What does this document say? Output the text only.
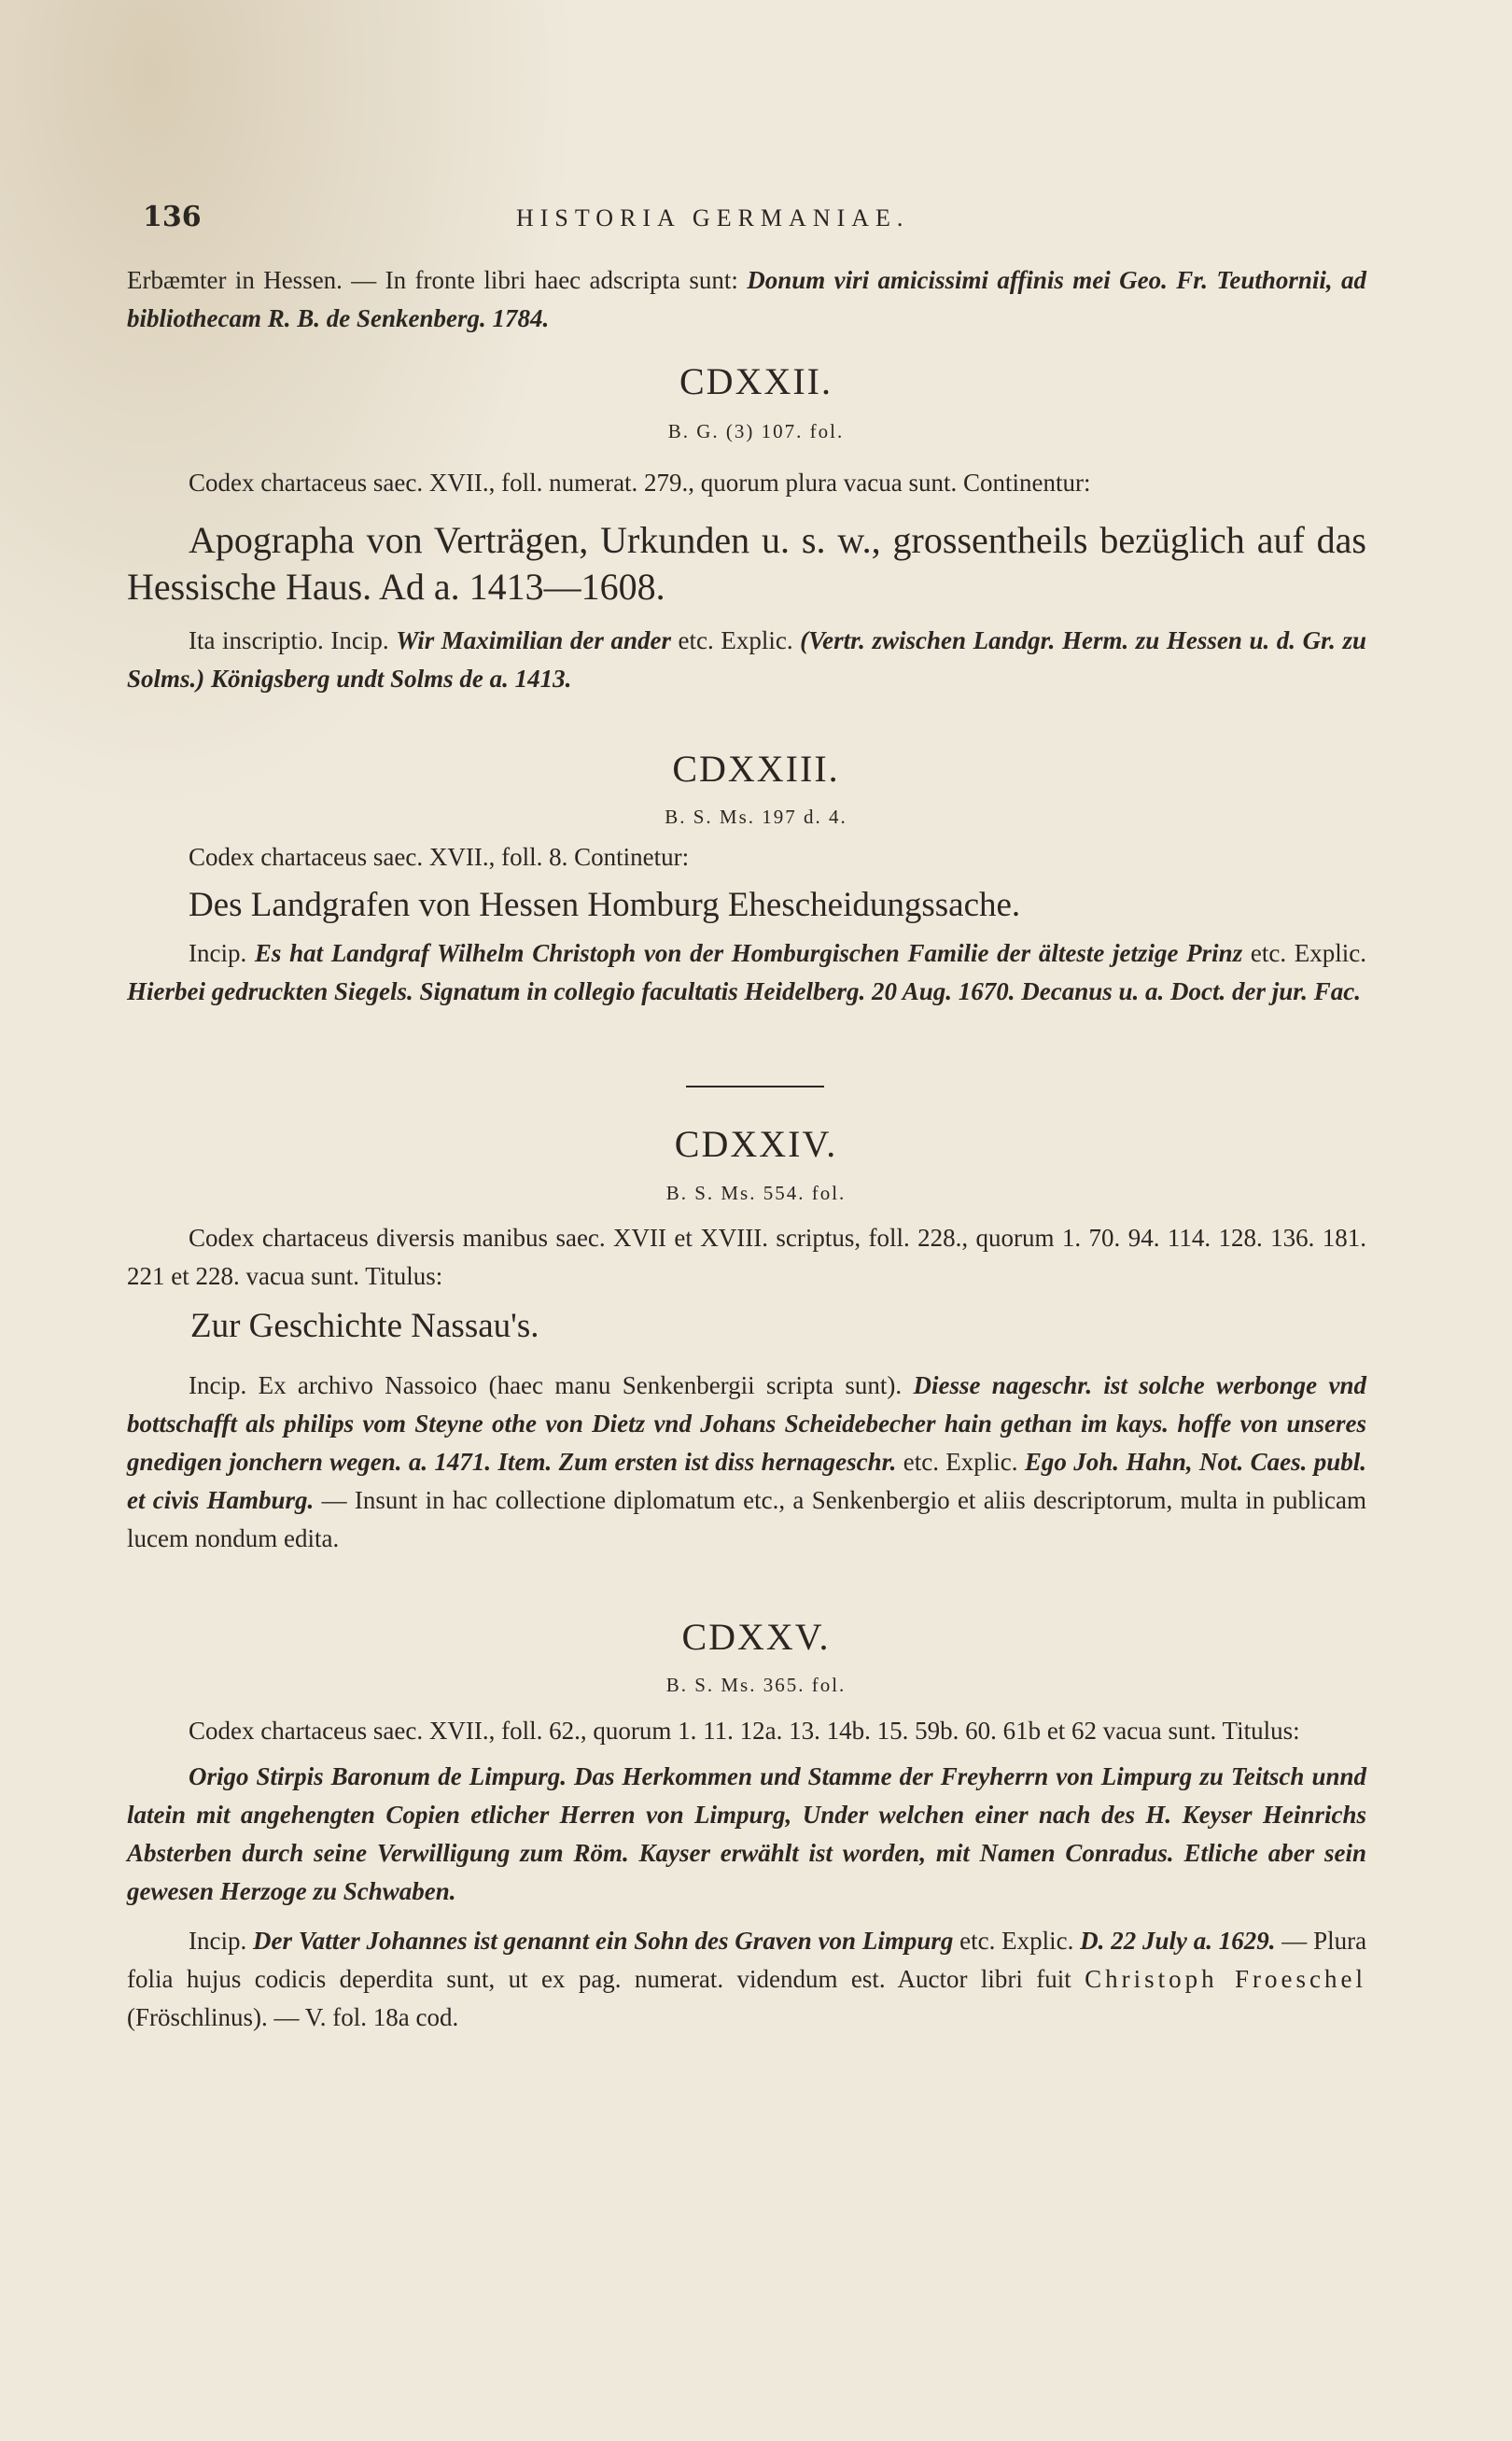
136	HISTORIA GERMANIAE.

Erbæmter in Hessen. — In fronte libri haec adscripta sunt: Donum viri amicissimi affinis mei Geo. Fr. Teuthornii, ad bibliothecam R. B. de Senkenberg. 1784.

CDXXII.
B. G. (3) 107. fol.

Codex chartaceus saec. XVII., foll. numerat. 279., quorum plura vacua sunt. Continentur:

Apographa von Verträgen, Urkunden u. s. w., grossentheils bezüglich auf das Hessische Haus. Ad a. 1413—1608.

Ita inscriptio. Incip. Wir Maximilian der ander etc. Explic. (Vertr. zwischen Landgr. Herm. zu Hessen u. d. Gr. zu Solms.) Königsberg undt Solms de a. 1413.

CDXXIII.
B. S. Ms. 197 d. 4.

Codex chartaceus saec. XVII., foll. 8. Continetur:

Des Landgrafen von Hessen Homburg Ehescheidungssache.

Incip. Es hat Landgraf Wilhelm Christoph von der Homburgischen Familie der älteste jetzige Prinz etc. Explic. Hierbei gedruckten Siegels. Signatum in collegio facultatis Heidelberg. 20 Aug. 1670. Decanus u. a. Doct. der jur. Fac.

CDXXIV.
B. S. Ms. 554. fol.

Codex chartaceus diversis manibus saec. XVII et XVIII. scriptus, foll. 228., quorum 1. 70. 94. 114. 128. 136. 181. 221 et 228. vacua sunt. Titulus:

Zur Geschichte Nassau's.

Incip. Ex archivo Nassoico (haec manu Senkenbergii scripta sunt). Diesse nageschr. ist solche werbonge vnd bottschafft als philips vom Steyne othe von Dietz vnd Johans Scheidebecher hain gethan im kays. hoffe von unseres gnedigen jonchern wegen. a. 1471. Item. Zum ersten ist diss hernageschr. etc. Explic. Ego Joh. Hahn, Not. Caes. publ. et civis Hamburg. — Insunt in hac collectione diplomatum etc., a Senkenbergio et aliis descriptorum, multa in publicam lucem nondum edita.

CDXXV.
B. S. Ms. 365. fol.

Codex chartaceus saec. XVII., foll. 62., quorum 1. 11. 12a. 13. 14b. 15. 59b. 60. 61b et 62 vacua sunt. Titulus:

Origo Stirpis Baronum de Limpurg. Das Herkommen und Stamme der Freyherrn von Limpurg zu Teitsch unnd latein mit angehengten Copien etlicher Herren von Limpurg, Under welchen einer nach des H. Keyser Heinrichs Absterben durch seine Verwilligung zum Röm. Kayser erwählt ist worden, mit Namen Conradus. Etliche aber sein gewesen Herzoge zu Schwaben.

Incip. Der Vatter Johannes ist genannt ein Sohn des Graven von Limpurg etc. Explic. D. 22 July a. 1629. — Plura folia hujus codicis deperdita sunt, ut ex pag. numerat. videndum est. Auctor libri fuit Christoph Froeschel (Fröschlinus). — V. fol. 18a cod.
